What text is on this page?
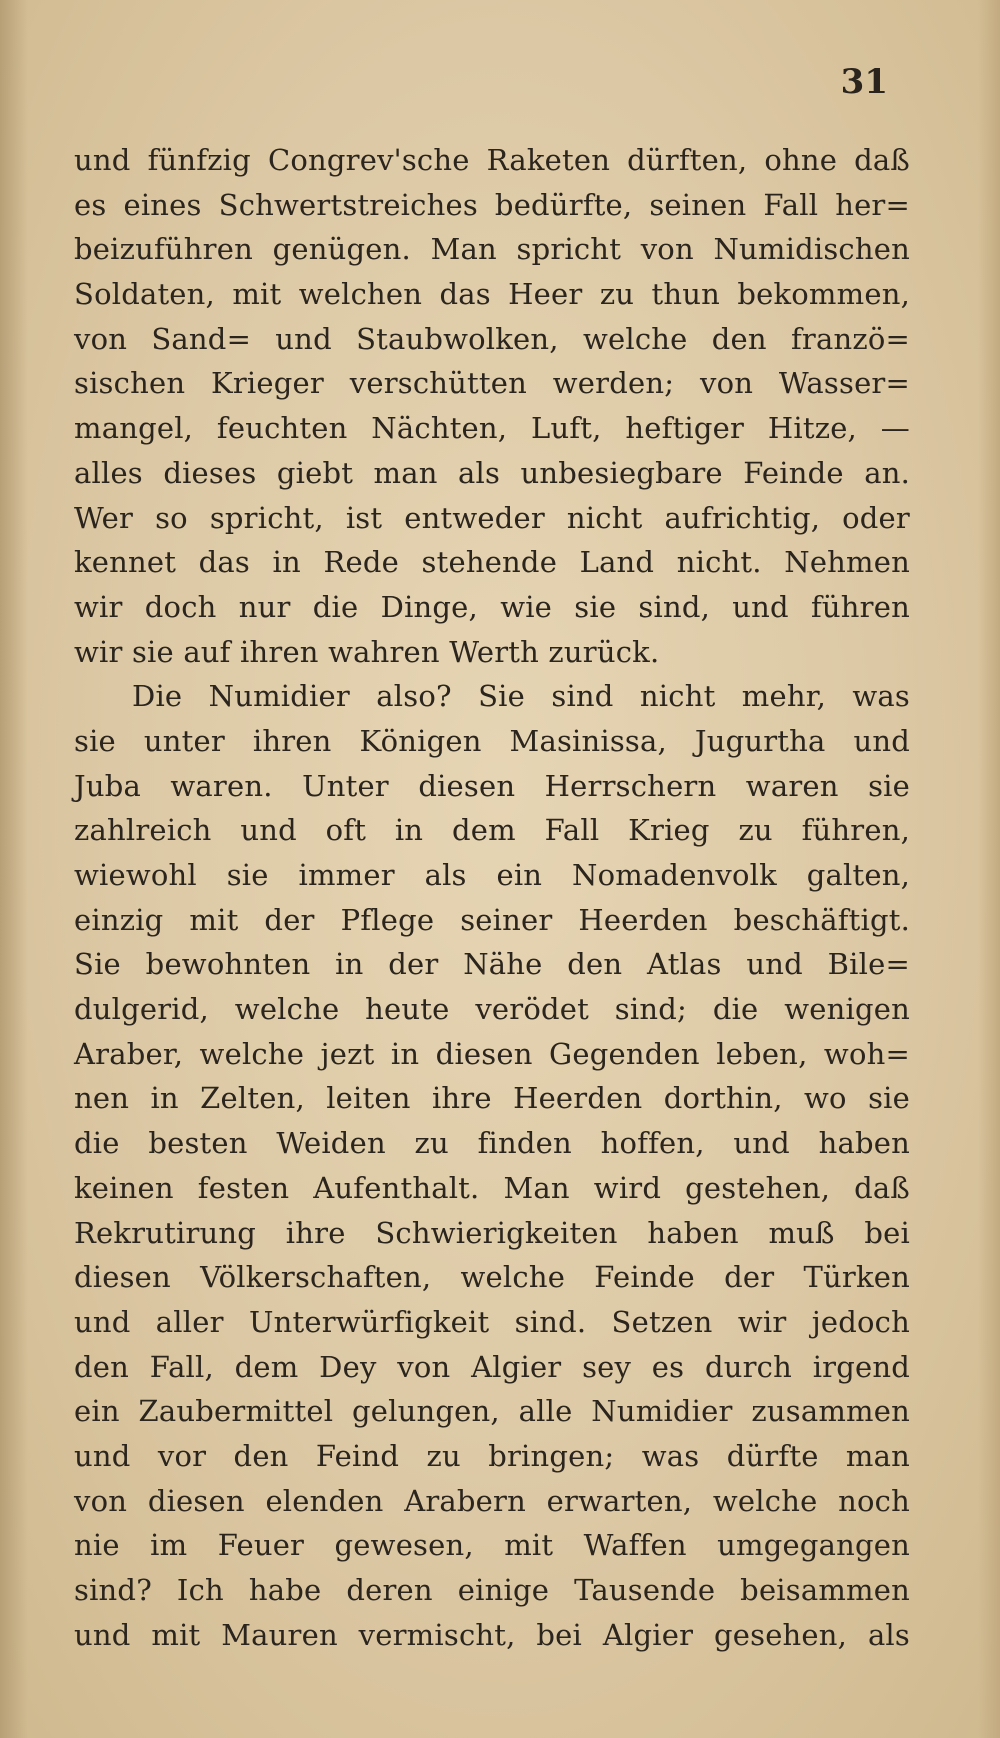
31
und fünfzig Congrev'sche Raketen dürften, ohne daß
es eines Schwertstreiches bedürfte, seinen Fall her=
beizuführen genügen. Man spricht von Numidischen
Soldaten, mit welchen das Heer zu thun bekommen,
von Sand= und Staubwolken, welche den franzö=
sischen Krieger verschütten werden; von Wasser=
mangel, feuchten Nächten, Luft, heftiger Hitze, —
alles dieses giebt man als unbesiegbare Feinde an.
Wer so spricht, ist entweder nicht aufrichtig, oder
kennet das in Rede stehende Land nicht. Nehmen
wir doch nur die Dinge, wie sie sind, und führen
wir sie auf ihren wahren Werth zurück.
Die Numidier also? Sie sind nicht mehr, was
sie unter ihren Königen Masinissa, Jugurtha und
Juba waren. Unter diesen Herrschern waren sie
zahlreich und oft in dem Fall Krieg zu führen,
wiewohl sie immer als ein Nomadenvolk galten,
einzig mit der Pflege seiner Heerden beschäftigt.
Sie bewohnten in der Nähe den Atlas und Bile=
dulgerid, welche heute verödet sind; die wenigen
Araber, welche jezt in diesen Gegenden leben, woh=
nen in Zelten, leiten ihre Heerden dorthin, wo sie
die besten Weiden zu finden hoffen, und haben
keinen festen Aufenthalt. Man wird gestehen, daß
Rekrutirung ihre Schwierigkeiten haben muß bei
diesen Völkerschaften, welche Feinde der Türken
und aller Unterwürfigkeit sind. Setzen wir jedoch
den Fall, dem Dey von Algier sey es durch irgend
ein Zaubermittel gelungen, alle Numidier zusammen
und vor den Feind zu bringen; was dürfte man
von diesen elenden Arabern erwarten, welche noch
nie im Feuer gewesen, mit Waffen umgegangen
sind? Ich habe deren einige Tausende beisammen
und mit Mauren vermischt, bei Algier gesehen, als
